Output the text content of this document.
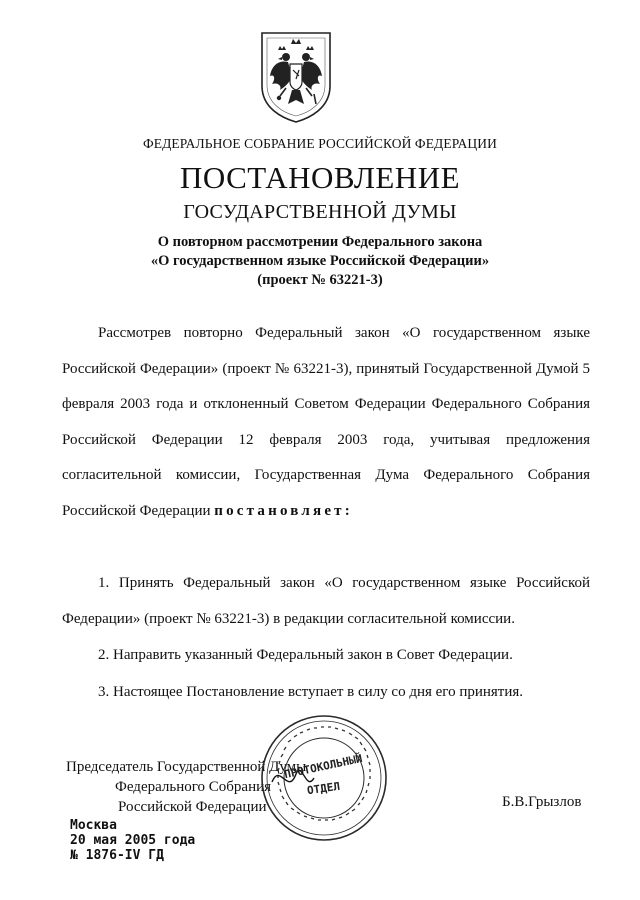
ФЕДЕРАЛЬНОЕ СОБРАНИЕ РОССИЙСКОЙ ФЕДЕРАЦИИ
ПОСТАНОВЛЕНИЕ
ГОСУДАРСТВЕННОЙ ДУМЫ
О повторном рассмотрении Федерального закона
«О государственном языке Российской Федерации»
(проект № 63221-3)
Рассмотрев повторно Федеральный закон «О государственном языке Российской Федерации» (проект № 63221-3), принятый Государственной Думой 5 февраля 2003 года и отклоненный Советом Федерации Федерального Собрания Российской Федерации 12 февраля 2003 года, учитывая предложения согласительной комиссии, Государственная Дума Федерального Собрания Российской Федерации постановляет:
1. Принять Федеральный закон «О государственном языке Российской Федерации» (проект № 63221-3) в редакции согласительной комиссии.
2. Направить указанный Федеральный закон в Совет Федерации.
3. Настоящее Постановление вступает в силу со дня его принятия.
Председатель Государственной Думы
Федерального Собрания
Российской Федерации
ПРОТОКОЛЬНЫЙ
ОТДЕЛ
Б.В.Грызлов
Москва
20 мая 2005 года
№ 1876-IV ГД
